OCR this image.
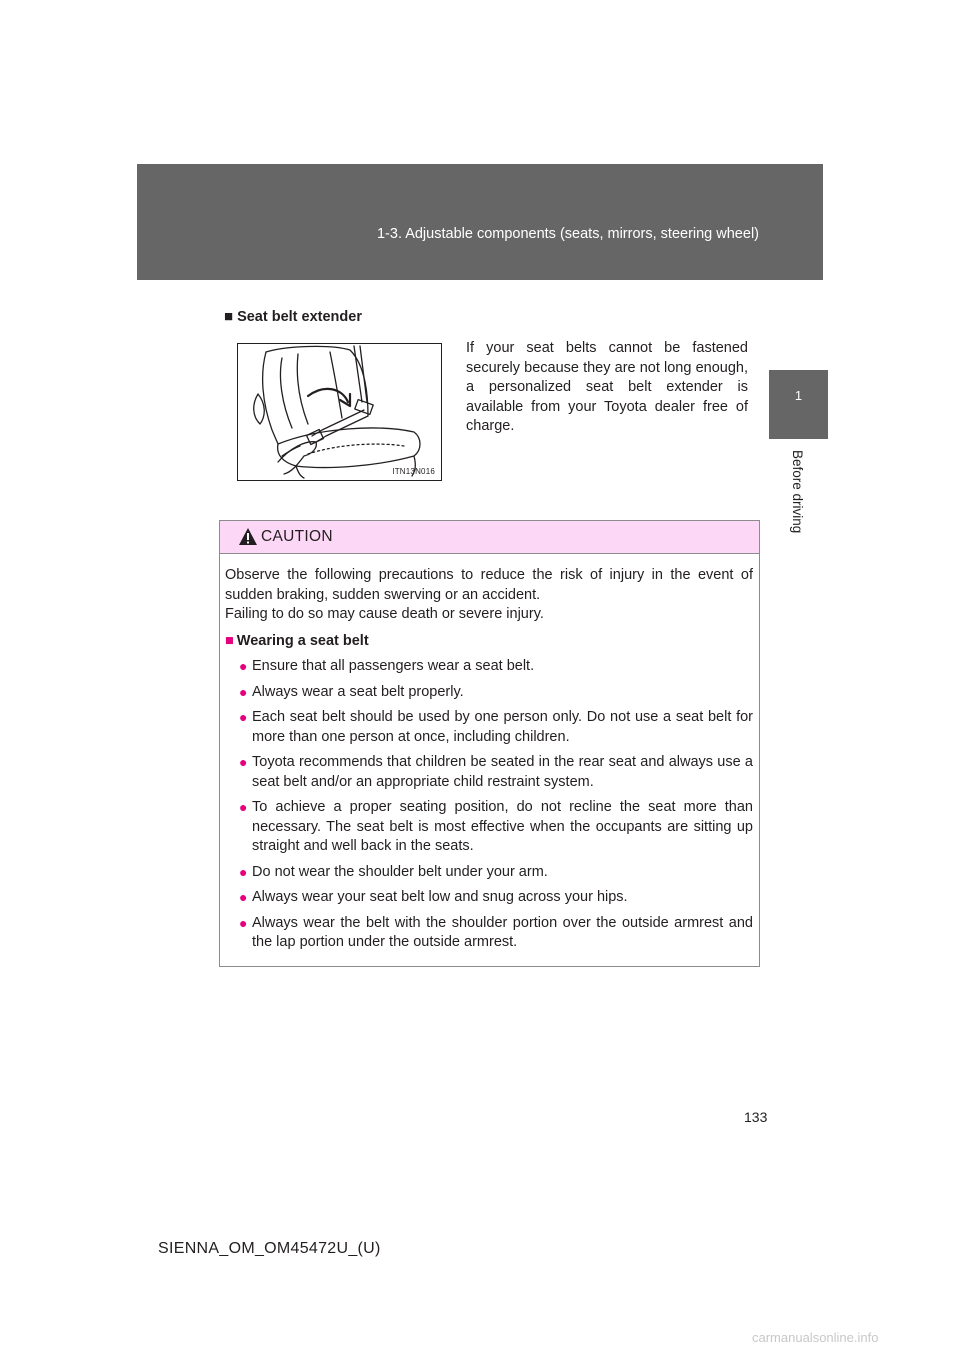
1-3. Adjustable components (seats, mirrors, steering wheel)
1
Before driving
■ Seat belt extender
ITN13N016
If your seat belts cannot be fastened securely because they are not long enough, a personalized seat belt extender is available from your Toyota dealer free of charge.
CAUTION

Observe the following precautions to reduce the risk of injury in the event of sudden braking, sudden swerving or an accident.
Failing to do so may cause death or severe injury.

■ Wearing a seat belt

● Ensure that all passengers wear a seat belt.
● Always wear a seat belt properly.
● Each seat belt should be used by one person only. Do not use a seat belt for more than one person at once, including children.
● Toyota recommends that children be seated in the rear seat and always use a seat belt and/or an appropriate child restraint system.
● To achieve a proper seating position, do not recline the seat more than necessary. The seat belt is most effective when the occupants are sitting up straight and well back in the seats.
● Do not wear the shoulder belt under your arm.
● Always wear your seat belt low and snug across your hips.
● Always wear the belt with the shoulder portion over the outside armrest and the lap portion under the outside armrest.
133
SIENNA_OM_OM45472U_(U)
carmanualsonline.info
